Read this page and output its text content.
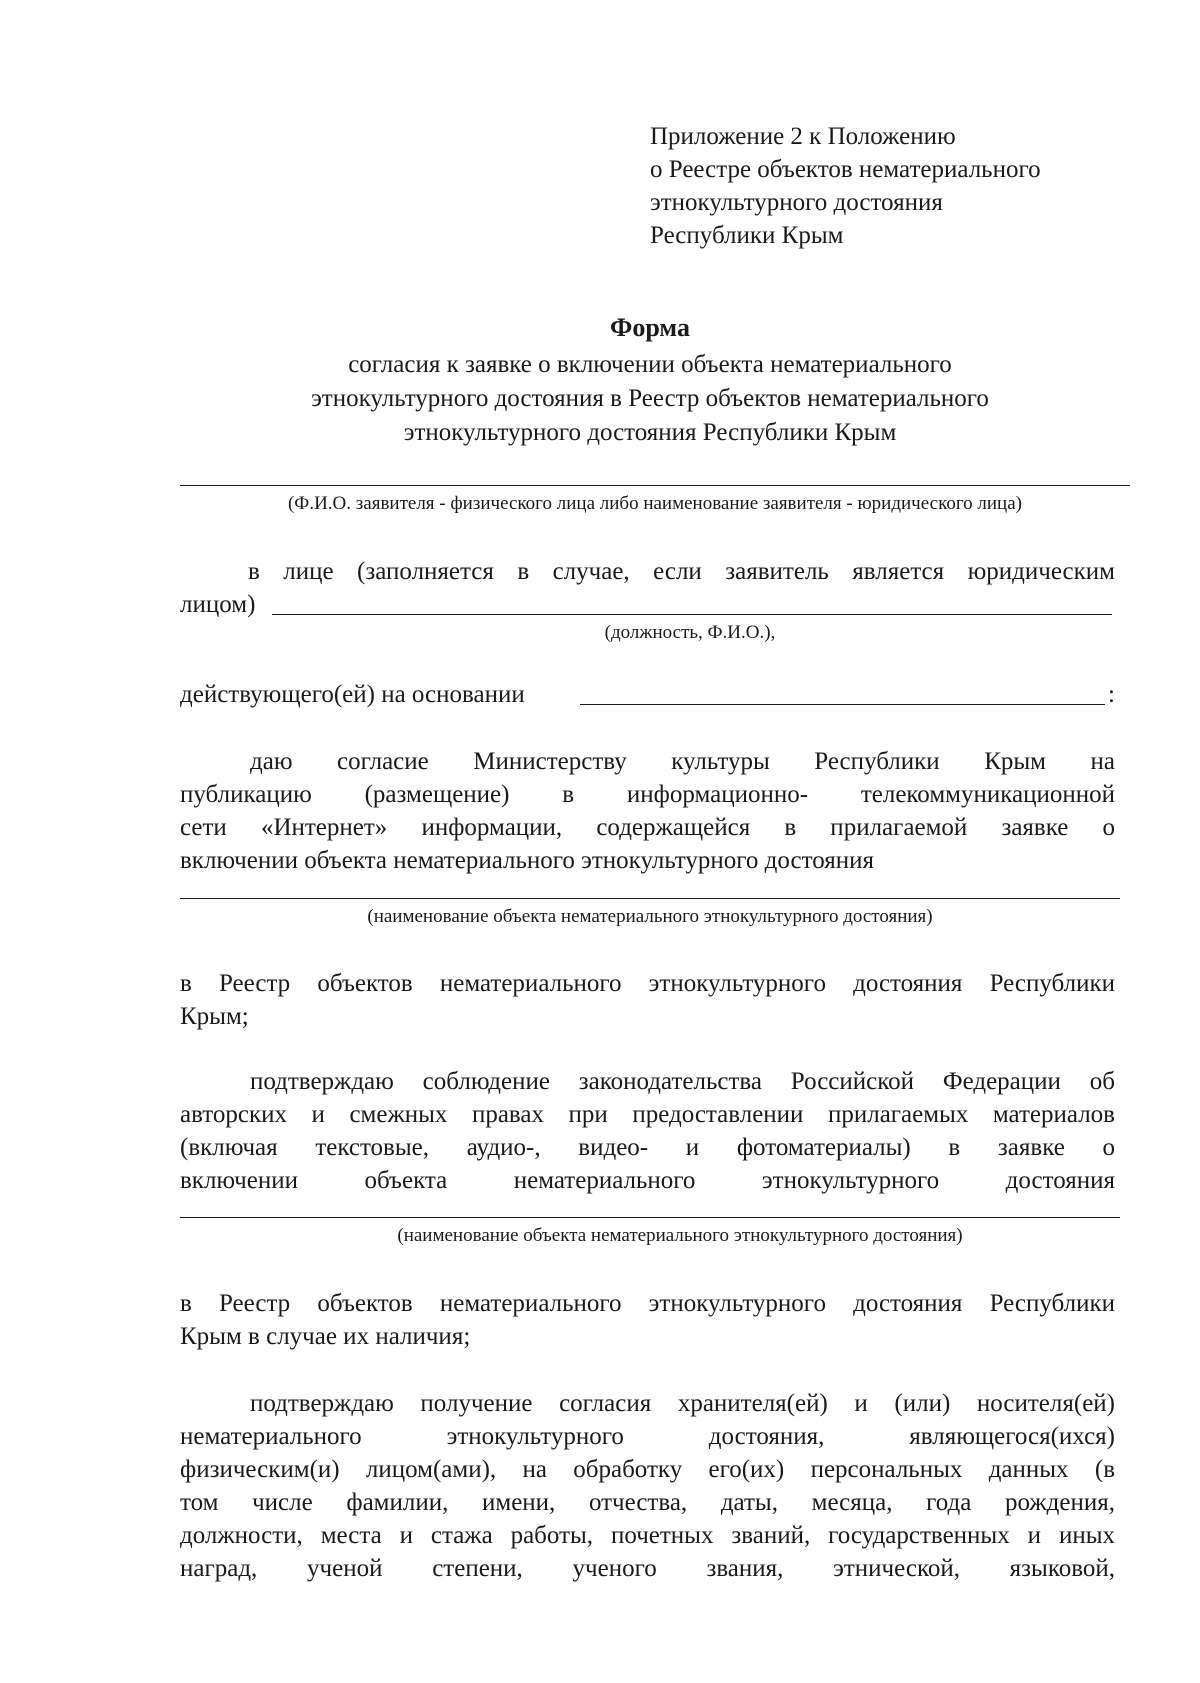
Приложение 2 к Положению
о Реестре объектов нематериального
этнокультурного достояния
Республики Крым
Форма
согласия к заявке о включении объекта нематериального
этнокультурного достояния в Реестр объектов нематериального
этнокультурного достояния Республики Крым
(Ф.И.О. заявителя - физического лица либо наименование заявителя - юридического лица)
в лице (заполняется в случае, если заявитель является юридическим
лицом)
(должность, Ф.И.О.),
действующего(ей) на основании	:
даю согласие Министерству культуры Республики Крым на
публикацию (размещение) в информационно- телекоммуникационной
сети «Интернет» информации, содержащейся в прилагаемой заявке о
включении объекта нематериального этнокультурного достояния
(наименование объекта нематериального этнокультурного достояния)
в Реестр объектов нематериального этнокультурного достояния Республики
Крым;
подтверждаю соблюдение законодательства Российской Федерации об
авторских и смежных правах при предоставлении прилагаемых материалов
(включая текстовые, аудио-, видео- и фотоматериалы) в заявке о
включении объекта нематериального этнокультурного достояния
(наименование объекта нематериального этнокультурного достояния)
в Реестр объектов нематериального этнокультурного достояния Республики
Крым в случае их наличия;
подтверждаю получение согласия хранителя(ей) и (или) носителя(ей)
нематериального этнокультурного достояния, являющегося(ихся)
физическим(и) лицом(ами), на обработку его(их) персональных данных (в
том числе фамилии, имени, отчества, даты, месяца, года рождения,
должности, места и стажа работы, почетных званий, государственных и иных
наград, ученой степени, ученого звания, этнической, языковой,
